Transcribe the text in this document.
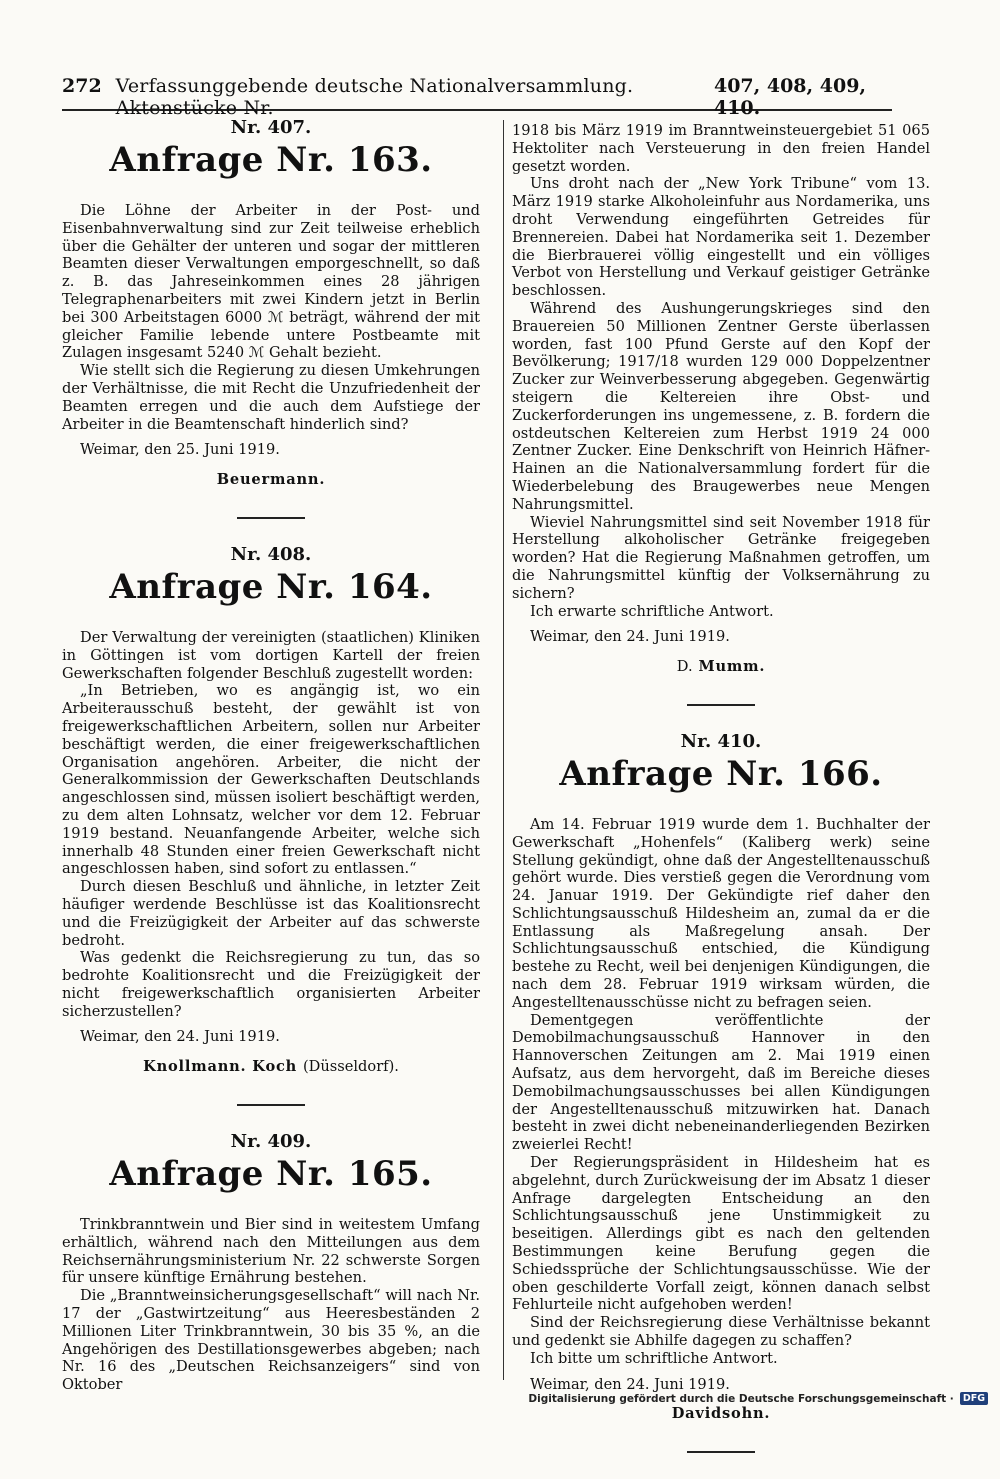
272 Verfassunggebende deutsche Nationalversammlung. Aktenstücke Nr.
407, 408, 409, 410.
Nr. 407.
Anfrage Nr. 163.

Die Löhne der Arbeiter in der Post- und Eisenbahnverwaltung sind zur Zeit teilweise erheblich über die Gehälter der unteren und sogar der mittleren Beamten dieser Verwaltungen emporgeschnellt, so daß z. B. das Jahreseinkommen eines 28 jährigen Telegraphenarbeiters mit zwei Kindern jetzt in Berlin bei 300 Arbeitstagen 6000 ℳ beträgt, während der mit gleicher Familie lebende untere Postbeamte mit Zulagen insgesamt 5240 ℳ Gehalt bezieht.

Wie stellt sich die Regierung zu diesen Umkehrungen der Verhältnisse, die mit Recht die Unzufriedenheit der Beamten erregen und die auch dem Aufstiege der Arbeiter in die Beamtenschaft hinderlich sind?

Weimar, den 25. Juni 1919.

Beuermann.

Nr. 408.
Anfrage Nr. 164.

Der Verwaltung der vereinigten (staatlichen) Kliniken in Göttingen ist vom dortigen Kartell der freien Gewerkschaften folgender Beschluß zugestellt worden:

„In Betrieben, wo es angängig ist, wo ein Arbeiterausschuß besteht, der gewählt ist von freigewerkschaftlichen Arbeitern, sollen nur Arbeiter beschäftigt werden, die einer freigewerkschaftlichen Organisation angehören. Arbeiter, die nicht der Generalkommission der Gewerkschaften Deutschlands angeschlossen sind, müssen isoliert beschäftigt werden, zu dem alten Lohnsatz, welcher vor dem 12. Februar 1919 bestand. Neuanfangende Arbeiter, welche sich innerhalb 48 Stunden einer freien Gewerkschaft nicht angeschlossen haben, sind sofort zu entlassen.“

Durch diesen Beschluß und ähnliche, in letzter Zeit häufiger werdende Beschlüsse ist das Koalitionsrecht und die Freizügigkeit der Arbeiter auf das schwerste bedroht.

Was gedenkt die Reichsregierung zu tun, das so bedrohte Koalitionsrecht und die Freizügigkeit der nicht freigewerkschaftlich organisierten Arbeiter sicherzustellen?

Weimar, den 24. Juni 1919.

Knollmann. Koch (Düsseldorf).

Nr. 409.
Anfrage Nr. 165.

Trinkbranntwein und Bier sind in weitestem Umfang erhältlich, während nach den Mitteilungen aus dem Reichsernährungsministerium Nr. 22 schwerste Sorgen für unsere künftige Ernährung bestehen.

Die „Branntweinsicherungsgesellschaft“ will nach Nr. 17 der „Gastwirtzeitung“ aus Heeresbeständen 2 Millionen Liter Trinkbranntwein, 30 bis 35 %, an die Angehörigen des Destillationsgewerbes abgeben; nach Nr. 16 des „Deutschen Reichsanzeigers“ sind von Oktober

1918 bis März 1919 im Branntweinsteuergebiet 51 065 Hektoliter nach Versteuerung in den freien Handel gesetzt worden.

Uns droht nach der „New York Tribune“ vom 13. März 1919 starke Alkoholeinfuhr aus Nordamerika, uns droht Verwendung eingeführten Getreides für Brennereien. Dabei hat Nordamerika seit 1. Dezember die Bierbrauerei völlig eingestellt und ein völliges Verbot von Herstellung und Verkauf geistiger Getränke beschlossen.

Während des Aushungerungskrieges sind den Brauereien 50 Millionen Zentner Gerste überlassen worden, fast 100 Pfund Gerste auf den Kopf der Bevölkerung; 1917/18 wurden 129 000 Doppelzentner Zucker zur Weinverbesserung abgegeben. Gegenwärtig steigern die Keltereien ihre Obst- und Zuckerforderungen ins ungemessene, z. B. fordern die ostdeutschen Keltereien zum Herbst 1919 24 000 Zentner Zucker. Eine Denkschrift von Heinrich Häfner-Hainen an die Nationalversammlung fordert für die Wiederbelebung des Braugewerbes neue Mengen Nahrungsmittel.

Wieviel Nahrungsmittel sind seit November 1918 für Herstellung alkoholischer Getränke freigegeben worden? Hat die Regierung Maßnahmen getroffen, um die Nahrungsmittel künftig der Volksernährung zu sichern?

Ich erwarte schriftliche Antwort.

Weimar, den 24. Juni 1919.

D. Mumm.

Nr. 410.
Anfrage Nr. 166.

Am 14. Februar 1919 wurde dem 1. Buchhalter der Gewerkschaft „Hohenfels“ (Kaliberg werk) seine Stellung gekündigt, ohne daß der Angestelltenausschuß gehört wurde. Dies verstieß gegen die Verordnung vom 24. Januar 1919. Der Gekündigte rief daher den Schlichtungsausschuß Hildesheim an, zumal da er die Entlassung als Maßregelung ansah. Der Schlichtungsausschuß entschied, die Kündigung bestehe zu Recht, weil bei denjenigen Kündigungen, die nach dem 28. Februar 1919 wirksam würden, die Angestelltenausschüsse nicht zu befragen seien.

Dementgegen veröffentlichte der Demobilmachungsausschuß Hannover in den Hannoverschen Zeitungen am 2. Mai 1919 einen Aufsatz, aus dem hervorgeht, daß im Bereiche dieses Demobilmachungsausschusses bei allen Kündigungen der Angestelltenausschuß mitzuwirken hat. Danach besteht in zwei dicht nebeneinanderliegenden Bezirken zweierlei Recht!

Der Regierungspräsident in Hildesheim hat es abgelehnt, durch Zurückweisung der im Absatz 1 dieser Anfrage dargelegten Entscheidung an den Schlichtungsausschuß jene Unstimmigkeit zu beseitigen. Allerdings gibt es nach den geltenden Bestimmungen keine Berufung gegen die Schiedssprüche der Schlichtungsausschüsse. Wie der oben geschilderte Vorfall zeigt, können danach selbst Fehlurteile nicht aufgehoben werden!

Sind der Reichsregierung diese Verhältnisse bekannt und gedenkt sie Abhilfe dagegen zu schaffen?

Ich bitte um schriftliche Antwort.

Weimar, den 24. Juni 1919.

Davidsohn.

Digitalisierung gefördert durch die Deutsche Forschungsgemeinschaft · DFG
